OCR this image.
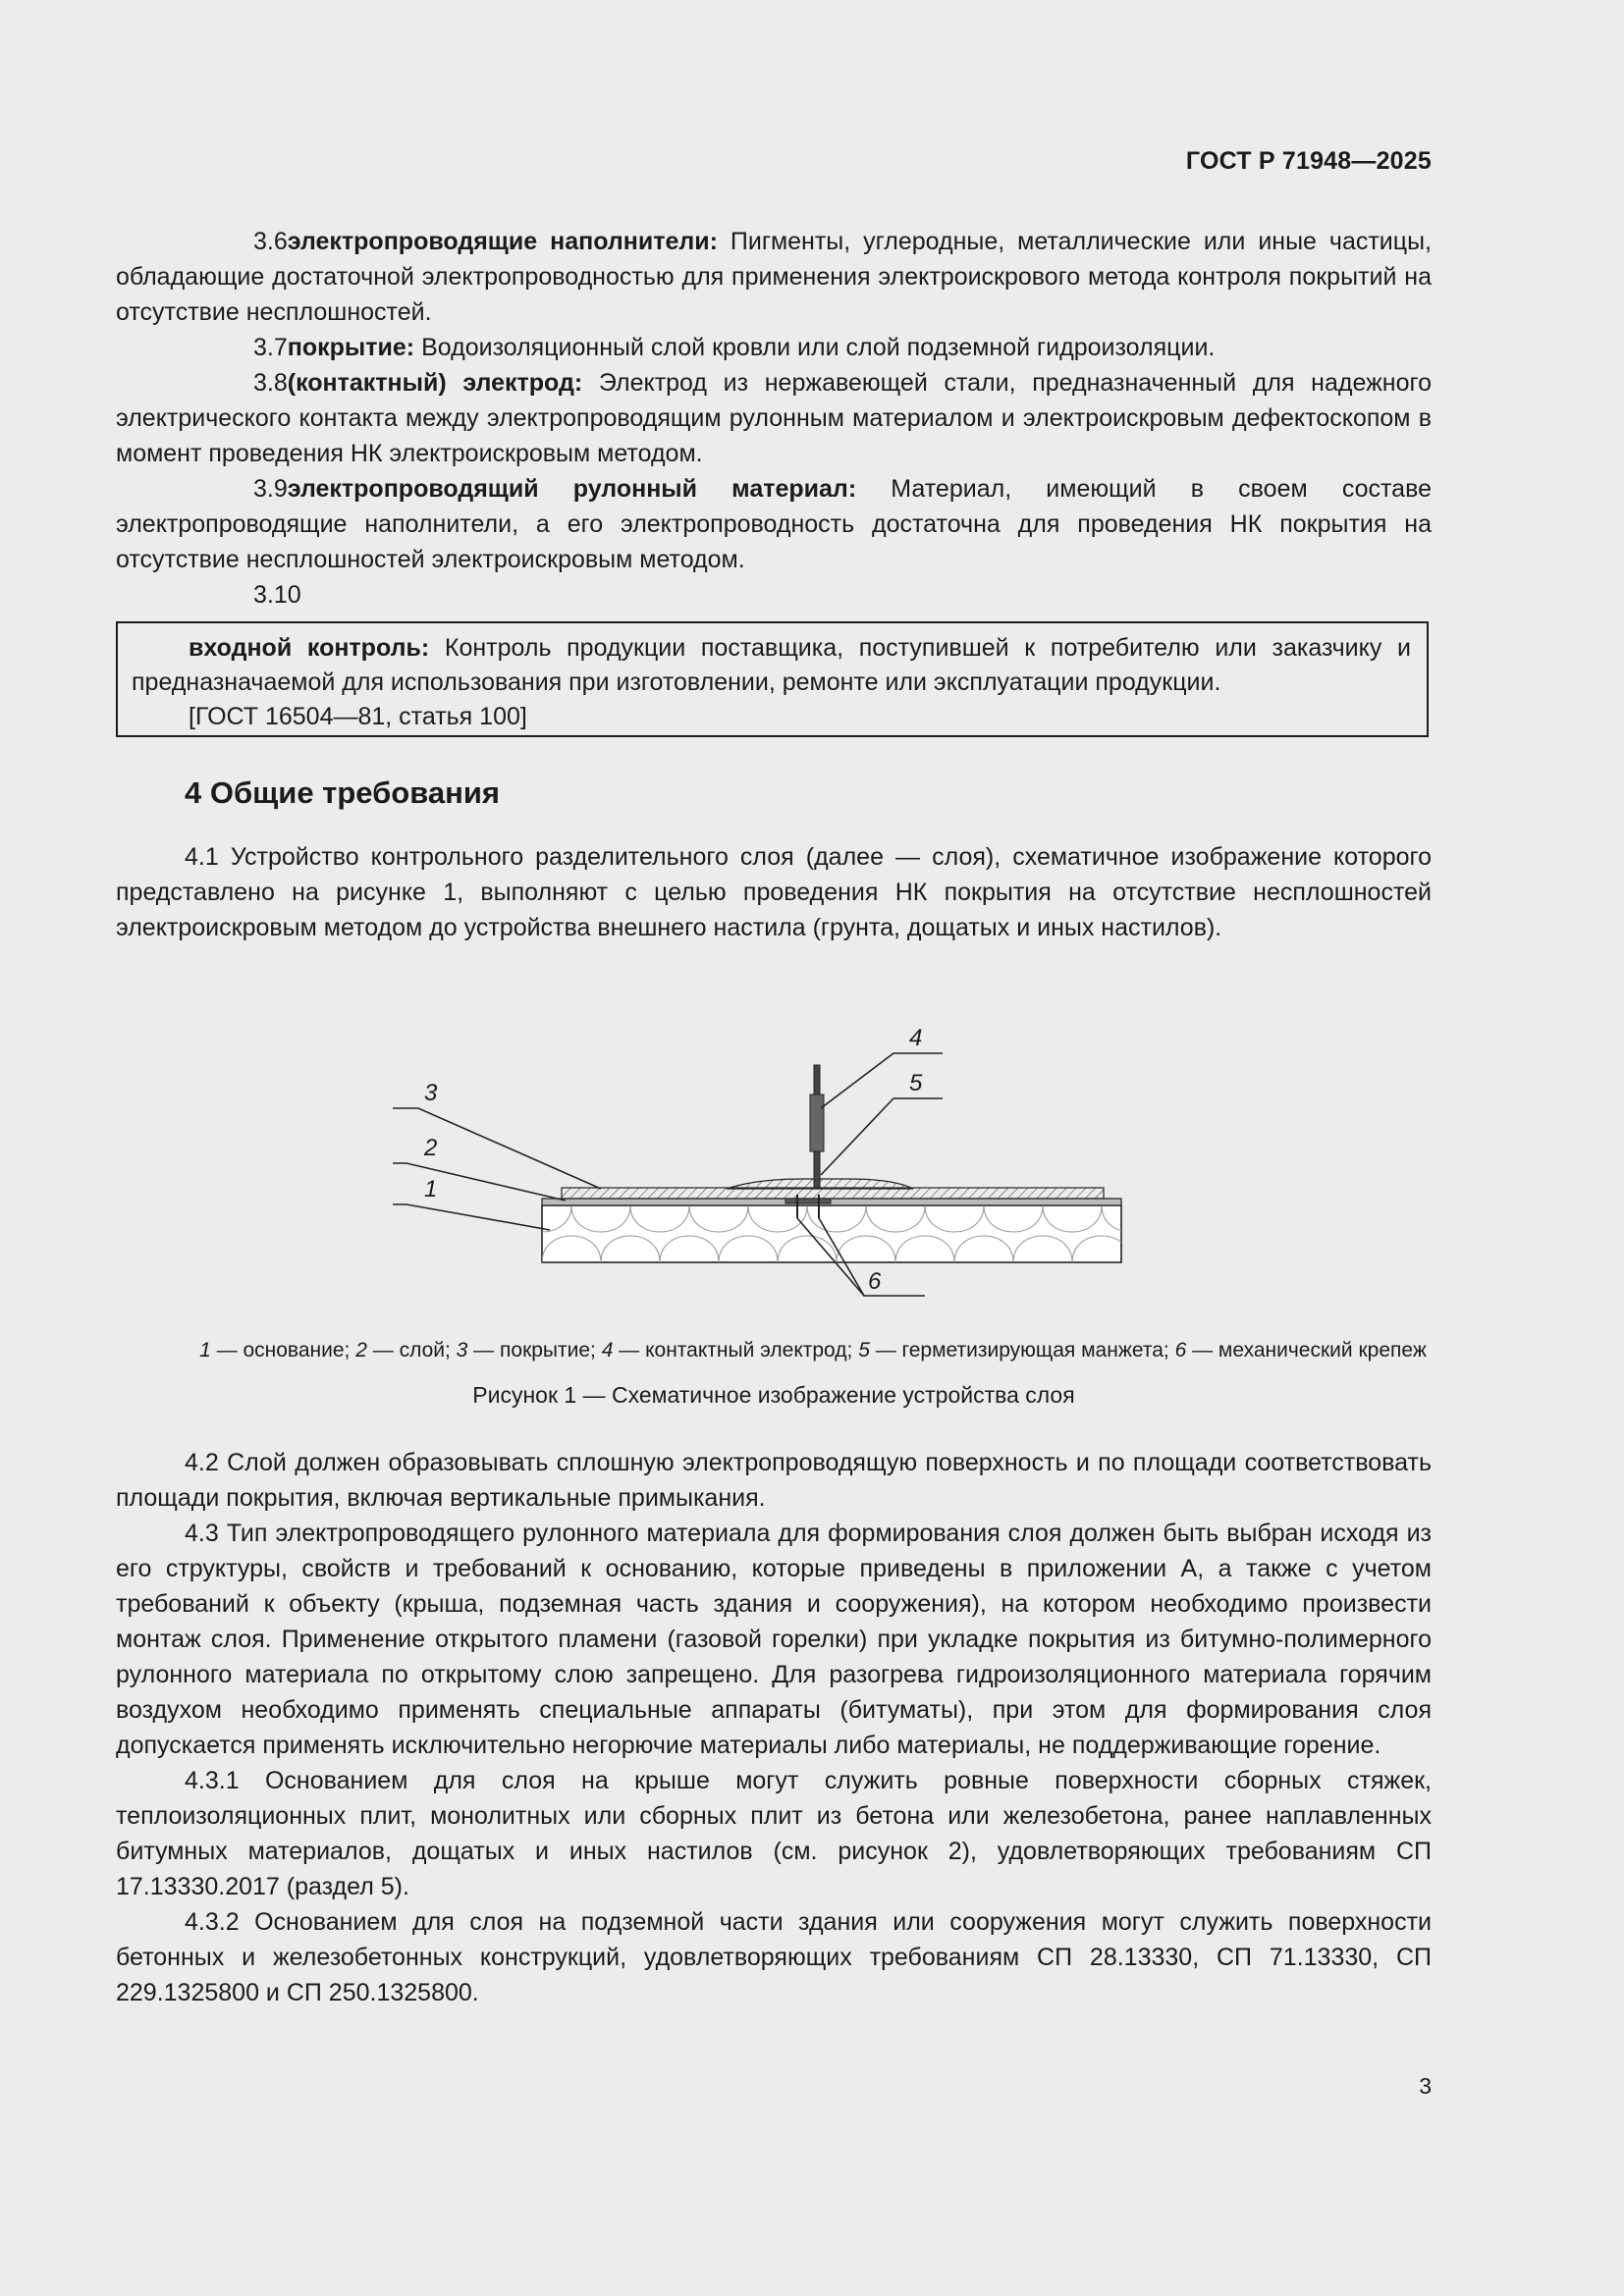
ГОСТ Р 71948—2025

3.6электропроводящие наполнители: Пигменты, углеродные, металлические или иные частицы, обладающие достаточной электропроводностью для применения электроискрового метода контроля покрытий на отсутствие несплошностей.

3.7покрытие: Водоизоляционный слой кровли или слой подземной гидроизоляции.

3.8(контактный) электрод: Электрод из нержавеющей стали, предназначенный для надежного электрического контакта между электропроводящим рулонным материалом и электроискровым дефектоскопом в момент проведения НК электроискровым методом.

3.9электропроводящий рулонный материал: Материал, имеющий в своем составе электропроводящие наполнители, а его электропроводность достаточна для проведения НК покрытия на отсутствие несплошностей электроискровым методом.

3.10

входной контроль: Контроль продукции поставщика, поступившей к потребителю или заказчику и предназначаемой для использования при изготовлении, ремонте или эксплуатации продукции.

[ГОСТ 16504—81, статья 100]

4 Общие требования

4.1 Устройство контрольного разделительного слоя (далее — слоя), схематичное изображение которого представлено на рисунке 1, выполняют с целью проведения НК покрытия на отсутствие несплошностей электроискровым методом до устройства внешнего настила (грунта, дощатых и иных настилов).

3
2
1
4
5
6
1 — основание; 2 — слой; 3 — покрытие; 4 — контактный электрод; 5 — герметизирующая манжета; 6 — механический крепеж
Рисунок 1 — Схематичное изображение устройства слоя

4.2 Слой должен образовывать сплошную электропроводящую поверхность и по площади соответствовать площади покрытия, включая вертикальные примыкания.

4.3 Тип электропроводящего рулонного материала для формирования слоя должен быть выбран исходя из его структуры, свойств и требований к основанию, которые приведены в приложении А, а также с учетом требований к объекту (крыша, подземная часть здания и сооружения), на котором необходимо произвести монтаж слоя. Применение открытого пламени (газовой горелки) при укладке покрытия из битумно-полимерного рулонного материала по открытому слою запрещено. Для разогрева гидроизоляционного материала горячим воздухом необходимо применять специальные аппараты (битуматы), при этом для формирования слоя допускается применять исключительно негорючие материалы либо материалы, не поддерживающие горение.

4.3.1 Основанием для слоя на крыше могут служить ровные поверхности сборных стяжек, теплоизоляционных плит, монолитных или сборных плит из бетона или железобетона, ранее наплавленных битумных материалов, дощатых и иных настилов (см. рисунок 2), удовлетворяющих требованиям СП 17.13330.2017 (раздел 5).

4.3.2 Основанием для слоя на подземной части здания или сооружения могут служить поверхности бетонных и железобетонных конструкций, удовлетворяющих требованиям СП 28.13330, СП 71.13330, СП 229.1325800 и СП 250.1325800.

3
